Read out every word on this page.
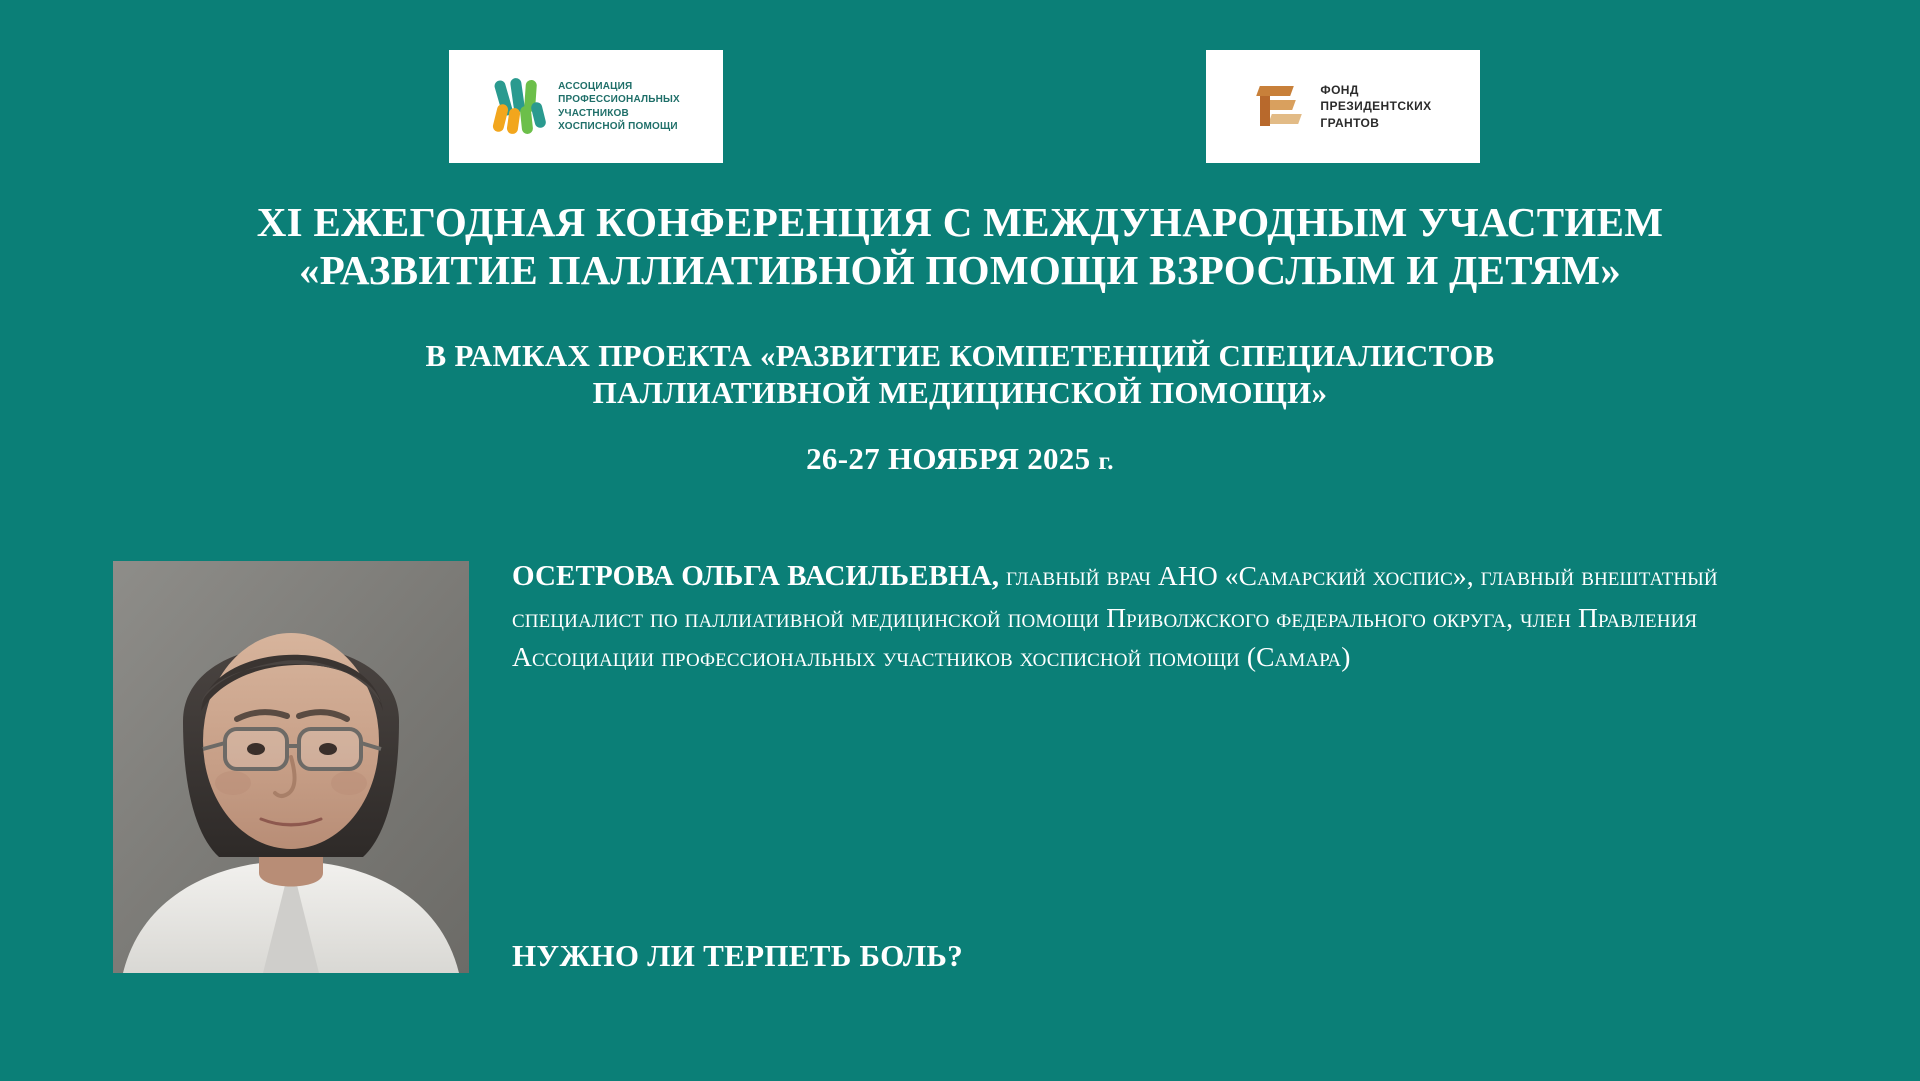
АССОЦИАЦИЯ
ПРОФЕССИОНАЛЬНЫХ
УЧАСТНИКОВ
ХОСПИСНОЙ ПОМОЩИ
ФОНД
ПРЕЗИДЕНТСКИХ
ГРАНТОВ
XI ЕЖЕГОДНАЯ КОНФЕРЕНЦИЯ С МЕЖДУНАРОДНЫМ УЧАСТИЕМ
«РАЗВИТИЕ ПАЛЛИАТИВНОЙ ПОМОЩИ ВЗРОСЛЫМ И ДЕТЯМ»
В РАМКАХ ПРОЕКТА «РАЗВИТИЕ КОМПЕТЕНЦИЙ СПЕЦИАЛИСТОВ
ПАЛЛИАТИВНОЙ МЕДИЦИНСКОЙ ПОМОЩИ»
26-27 НОЯБРЯ 2025 г.
ОСЕТРОВА ОЛЬГА ВАСИЛЬЕВНА, главный врач АНО «Самарский хоспис», главный внештатный специалист по паллиативной медицинской помощи Приволжского федерального округа, член Правления Ассоциации профессиональных участников хосписной помощи (Самара)
НУЖНО ЛИ ТЕРПЕТЬ БОЛЬ?
